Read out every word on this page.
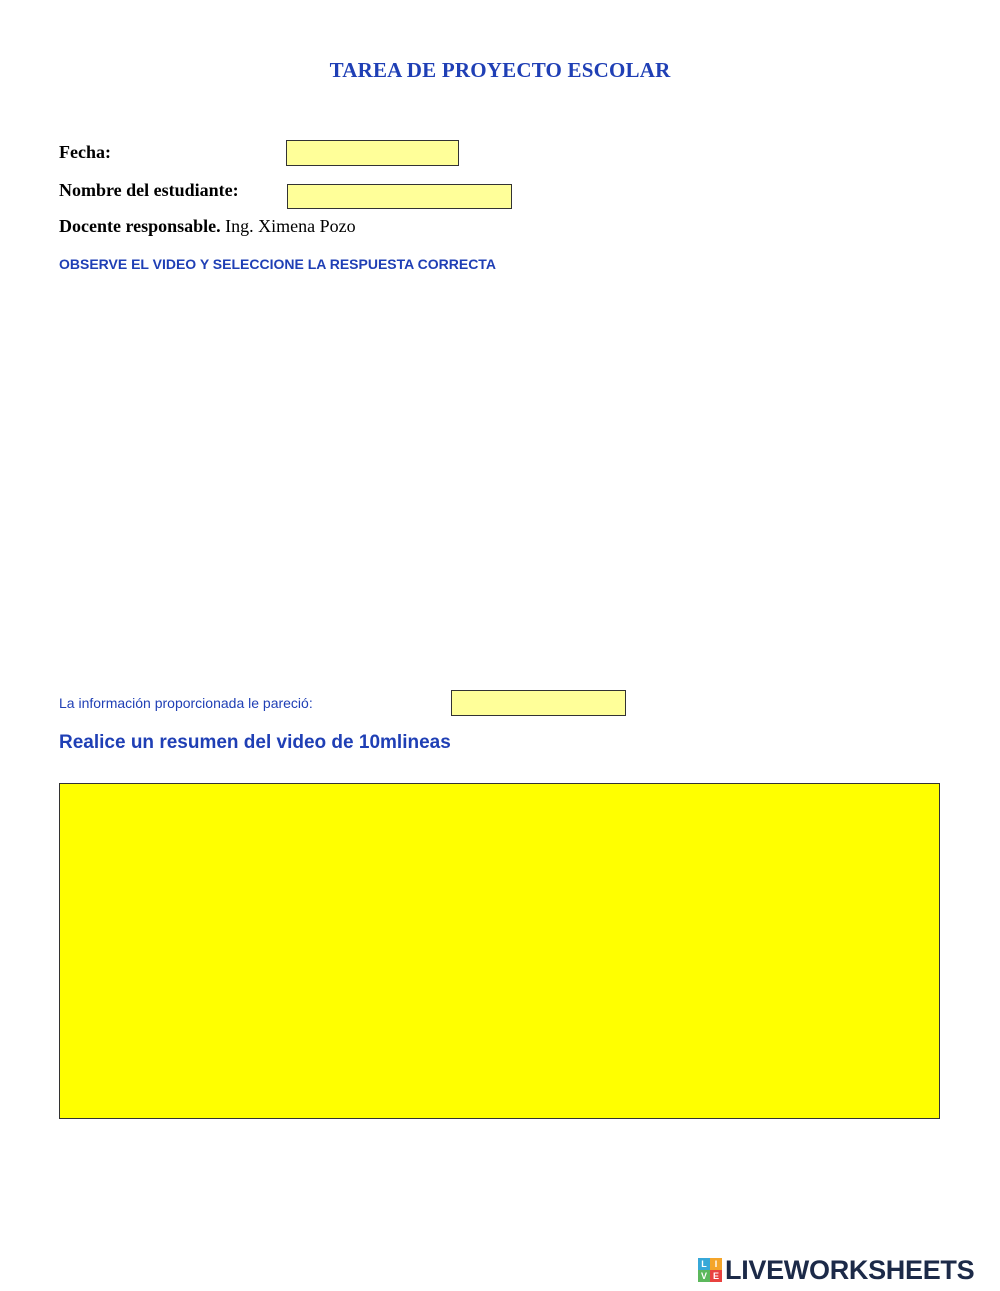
TAREA DE PROYECTO ESCOLAR
Fecha:
Nombre del estudiante:
Docente responsable. Ing. Ximena Pozo
OBSERVE EL VIDEO Y SELECCIONE LA RESPUESTA CORRECTA
La información proporcionada le pareció:
Realice un resumen del video de 10mlineas
L I
V E LIVEWORKSHEETS
